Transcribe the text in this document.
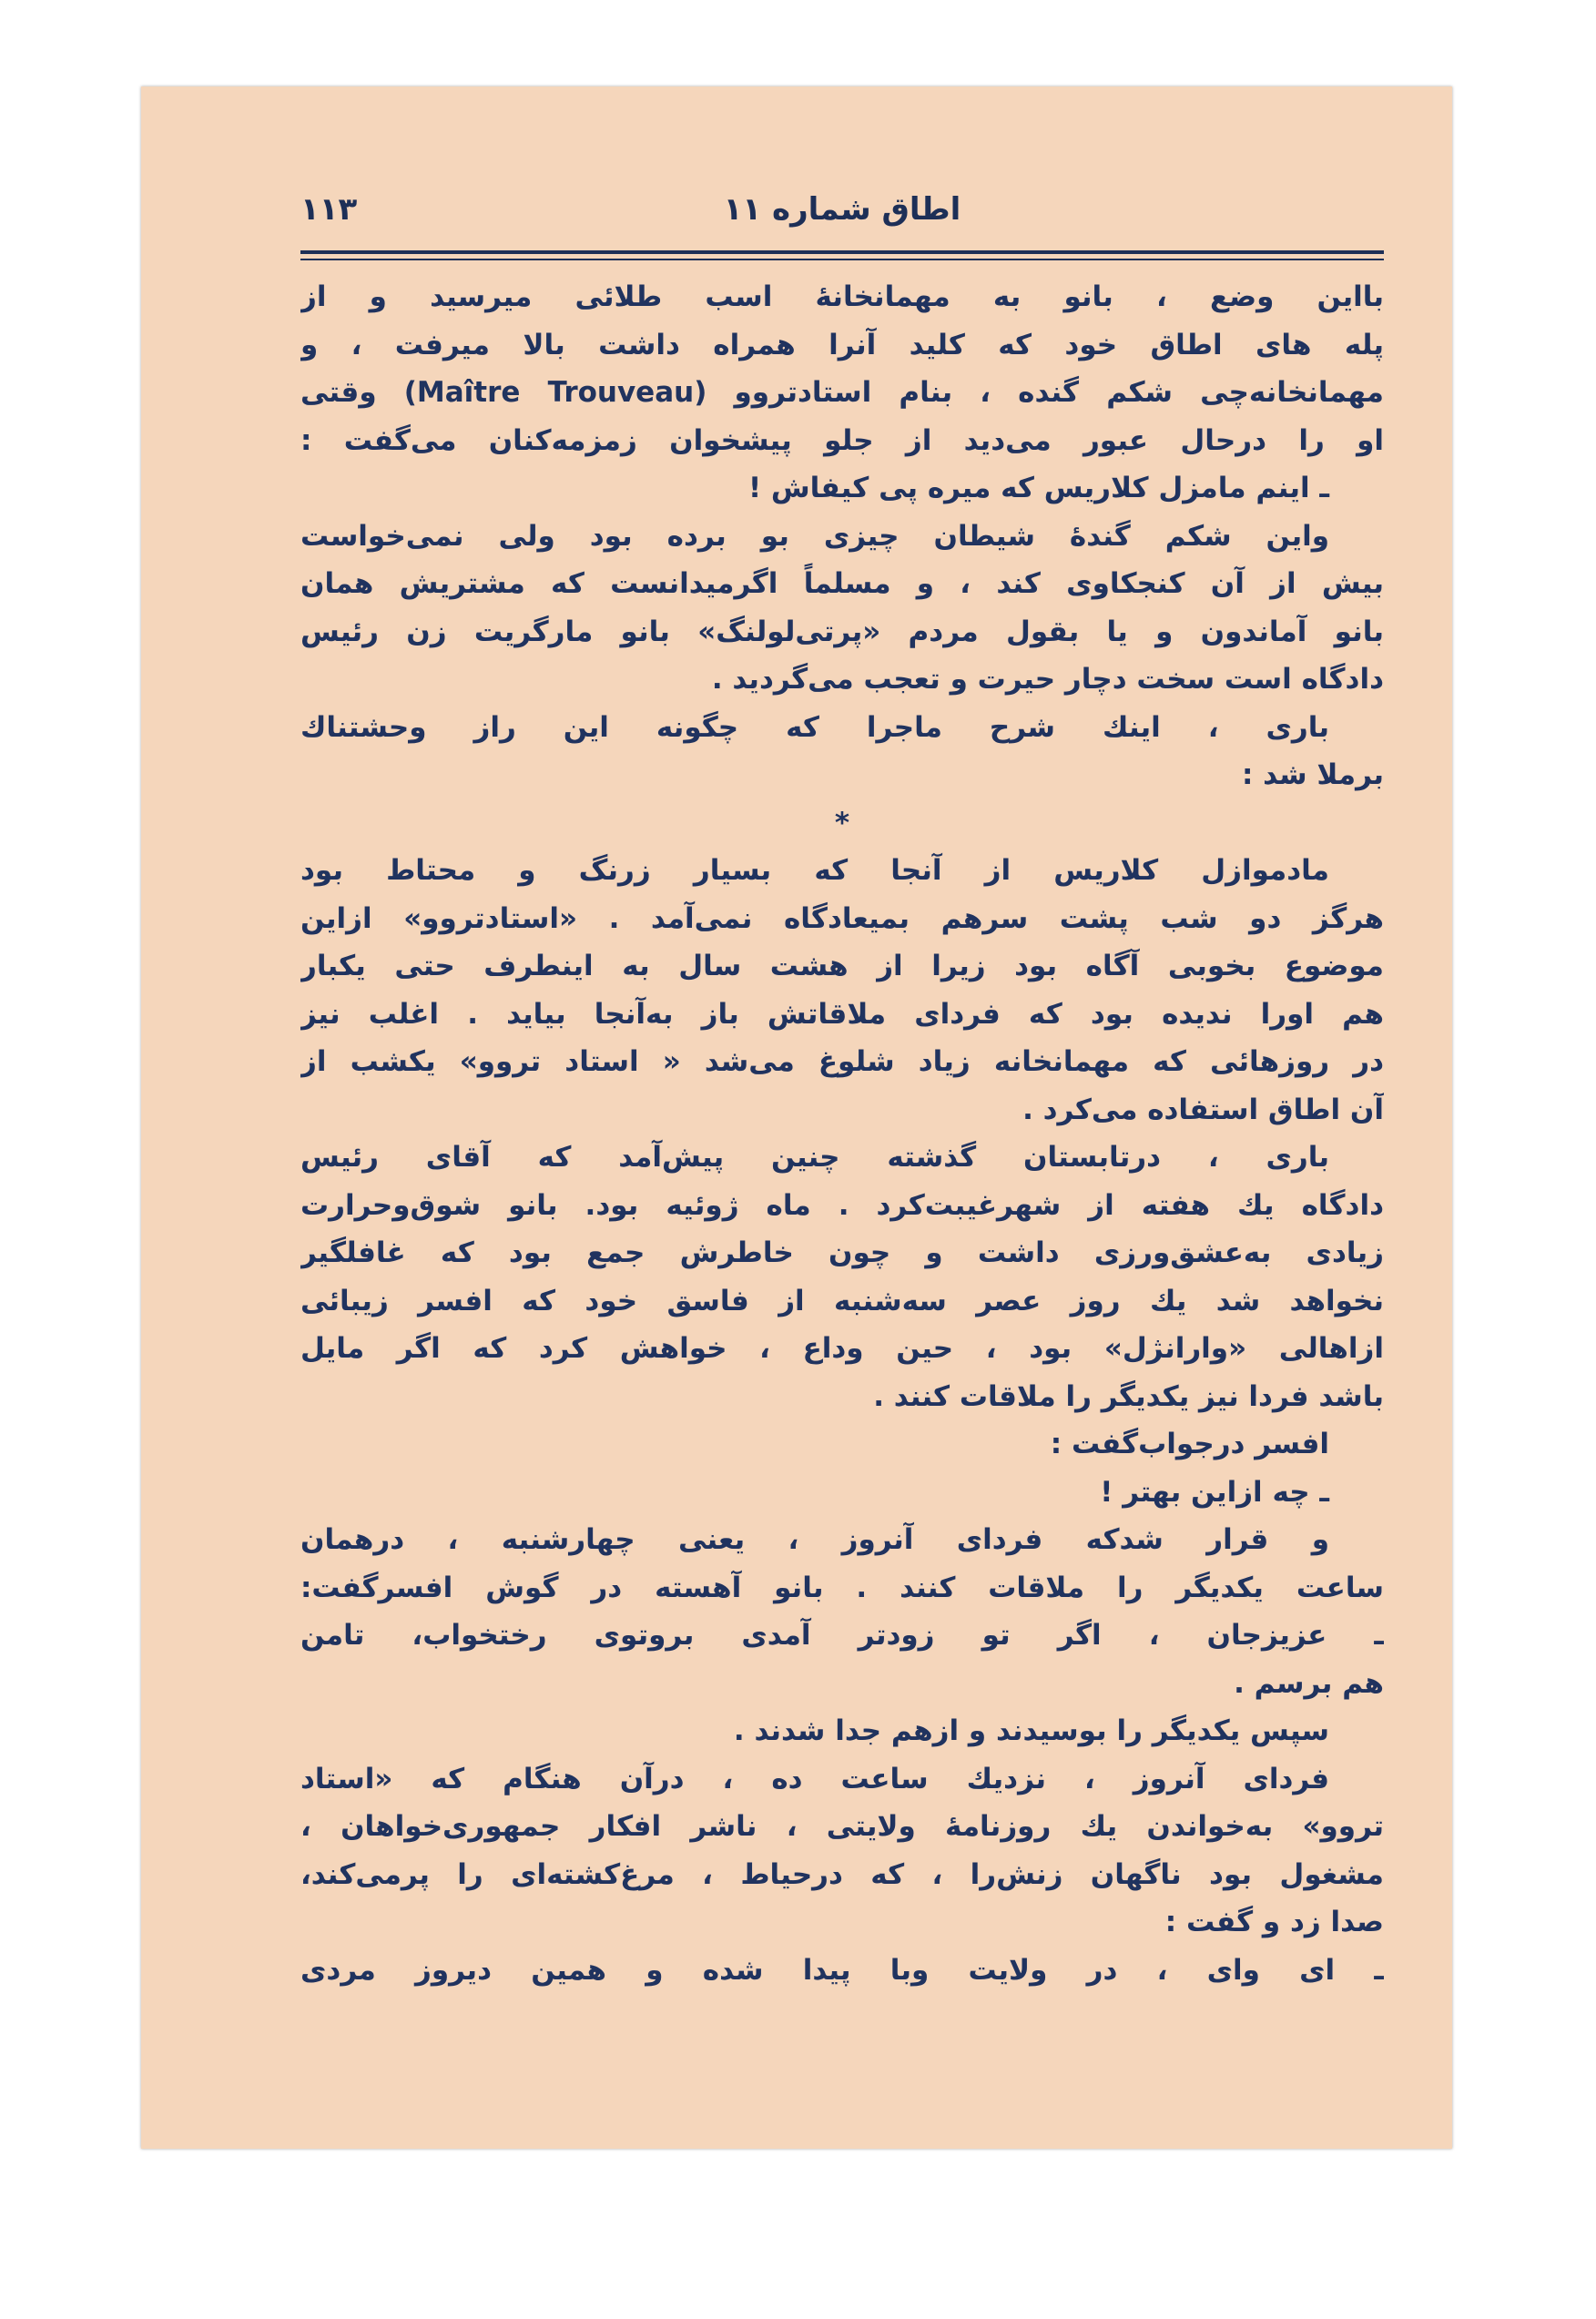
اطاق شماره ۱۱
۱۱۳
بااین وضع ، بانو به مهمانخانهٔ اسب طلائی میرسید و از
پله های اطاق خود که کلید آنرا همراه داشت بالا میرفت ، و
مهمانخانه‌چی شکم گنده ، بنام استادتروو (Maître Trouveau) وقتی
او را درحال عبور می‌دید از جلو پیشخوان زمزمه‌کنان می‌گفت :
ـ اینم مامزل کلاریس که میره پی کیفاش !
واین شکم گندهٔ شیطان چیزی بو برده بود ولی نمی‌خواست
بیش از آن کنجکاوی کند ، و مسلماً اگرمیدانست که مشتریش همان
بانو آماندون و یا بقول مردم «پرتی‌لولنگ» بانو مارگریت زن رئیس
دادگاه است سخت دچار حیرت و تعجب می‌گردید .
باری ، اینك شرح ماجرا که چگونه این راز وحشتناك
برملا شد :
*
مادموازل کلاریس از آنجا که بسیار زرنگ و محتاط بود
هرگز دو شب پشت سرهم بمیعادگاه نمی‌آمد . «استادتروو» ازاین
موضوع بخوبی آگاه بود زیرا از هشت سال به اینطرف حتی یکبار
هم اورا ندیده بود که فردای ملاقاتش باز به‌آنجا بیاید . اغلب نیز
در روزهائی که مهمانخانه زیاد شلوغ می‌شد « استاد تروو» یکشب از
آن اطاق استفاده می‌کرد .
باری ، درتابستان گذشته چنین پیش‌آمد که آقای رئیس
دادگاه یك هفته از شهرغیبت‌کرد . ماه ژوئیه بود. بانو شوق‌وحرارت
زیادی به‌عشق‌ورزی داشت و چون خاطرش جمع بود که غافلگیر
نخواهد شد یك روز عصر سه‌شنبه از فاسق خود که افسر زیبائی
ازاهالی «وارانژل» بود ، حین وداع ، خواهش کرد که اگر مایل
باشد فردا نیز یکدیگر را ملاقات کنند .
افسر درجواب‌گفت :
ـ چه ازاین بهتر !
و قرار شدکه فردای آنروز ، یعنی چهارشنبه ، درهمان
ساعت یکدیگر را ملاقات کنند . بانو آهسته در گوش افسرگفت:
ـ عزیزجان ، اگر تو زودتر آمدی بروتوی رختخواب، تامن
هم برسم .
سپس یکدیگر را بوسیدند و ازهم جدا شدند .
فردای آنروز ، نزدیك ساعت ده ، درآن هنگام که «استاد
تروو» به‌خواندن یك روزنامهٔ ولایتی ، ناشر افکار جمهوری‌خواهان ،
مشغول بود ناگهان زنش‌را ، که درحیاط ، مرغ‌کشته‌ای را پرمی‌کند،
صدا زد و گفت :
ـ ای وای ، در ولایت وبا پیدا شده و همین دیروز مردی
